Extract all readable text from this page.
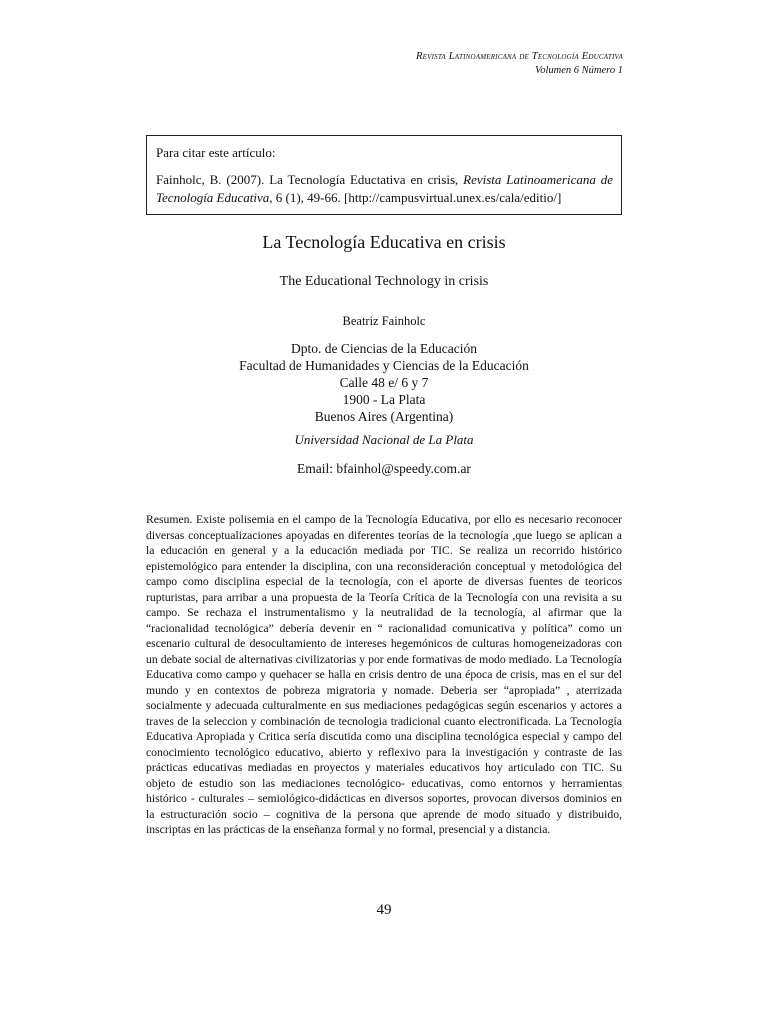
Revista Latinoamericana de Tecnología Educativa
Volumen 6 Número 1
Para citar este artículo:
Fainholc, B. (2007). La Tecnología Eductativa en crisis, Revista Latinoamericana de Tecnología Educativa, 6 (1), 49-66. [http://campusvirtual.unex.es/cala/editio/]
La Tecnología Educativa en crisis
The Educational Technology in crisis
Beatriz Fainholc
Dpto. de Ciencias de la Educación
Facultad de Humanidades y Ciencias de la Educación
Calle 48 e/ 6 y 7
1900 - La Plata
Buenos Aires (Argentina)
Universidad Nacional de La Plata
Email: bfainhol@speedy.com.ar
Resumen. Existe polisemia en el campo de la Tecnología Educativa, por ello es necesario reconocer diversas conceptualizaciones apoyadas en diferentes teorías de la tecnología ,que luego se aplican a la educación en general y a la educación mediada por TIC. Se realiza un recorrido histórico epistemológico para entender la disciplina, con una reconsideración conceptual y metodológica del campo como disciplina especial de la tecnología, con el aporte de diversas fuentes de teoricos rupturistas, para arribar a una propuesta de la Teoría Crítica de la Tecnología con una revisita a su campo. Se rechaza el instrumentalismo y la neutralidad de la tecnología, al afirmar que la “racionalidad tecnológica” debería devenir en “ racionalidad comunicativa y política” como un escenario cultural de desocultamiento de intereses hegemónicos de culturas homogeneizadoras con un debate social de alternativas civilizatorias y por ende formativas de modo mediado. La Tecnología Educativa como campo y quehacer se halla en crisis dentro de una época de crisis, mas en el sur del mundo y en contextos de pobreza migratoria y nomade. Deberia ser “apropiada” , aterrizada socialmente y adecuada culturalmente en sus mediaciones pedagógicas según escenarios y actores a traves de la seleccion y combinación de tecnologia tradicional cuanto electronificada. La Tecnología Educativa Apropiada y Critica sería discutida como una disciplina tecnológica especial y campo del conocimiento tecnológico educativo, abierto y reflexivo para la investigación y contraste de las prácticas educativas mediadas en proyectos y materiales educativos hoy articulado con TIC. Su objeto de estudio son las mediaciones tecnológico- educativas, como entornos y herramientas histórico - culturales – semiológico-didácticas en diversos soportes, provocan diversos dominios en la estructuración socio – cognitiva de la persona que aprende de modo situado y distribuido, inscriptas en las prácticas de la enseñanza formal y no formal, presencial y a distancia.
49
